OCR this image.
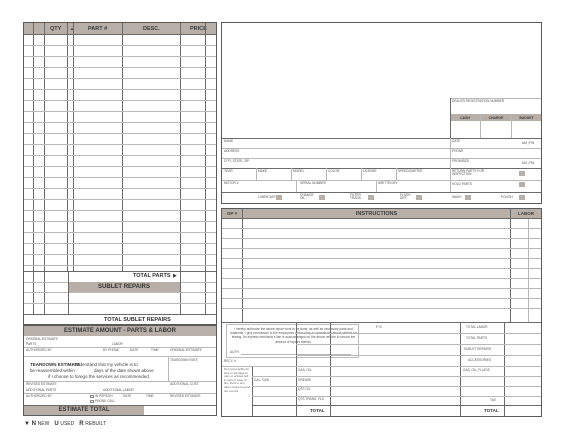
QTY ▲	PART #	DESC.	PRICE
TOTAL PARTS ▶
SUBLET REPAIRS
TOTAL SUBLET REPAIRS
ESTIMATE AMOUNT - PARTS & LABOR
ORIGINAL ESTIMATE
PARTS	LABOR
AUTHORIZED BY	BY PHONE	DATE	TIME	ORIGINAL ESTIMATE
TEARDOWN ESTIMATE
I understand that my vehicle is to
be reassembled within	days of the date shown above
if I choose to forego the services as recommended.
TEARDOWN RATE
REVISED ESTIMATE
ADDITIONAL PARTS	ADDITIONAL LABOR
ADDITIONAL COST
AUTHORIZED BY	IN PERSON
PHONE CALL
DATE	TIME	REVISED ESTIMATE
ESTIMATE TOTAL
▼ N NEW U USED R REBUILT
DEALER REGISTRATION NUMBER
CASH	CHARGE	BUDGET
NAME	DATE	AM | PM
ADDRESS	PHONE
CITY, STATE, ZIP	PROMISED	AM | PM
YEAR	MAKE	MODEL	COLOR	LICENSE	SPEEDOMETER	RETURN PARTS FOR INSPECTION
MOTOR #	SERIAL NUMBER	WRITTEN BY	HOLD PARTS
LUBRICATE	CHANGE OIL
FILTER TRANS.
FLUSH DIFF.	WASH	POLISH
OP #	INSTRUCTIONS	LABOR
I hereby authorize the above repair work to be done, as well as necessary parts and materials. I give permission to the employees of this shop to operate the above vehicle for testing. An express mechanic's lien is acknowledged on the above vehicle to secure the amount of repairs thereto.
AUTH.
RECY. #
F.S
Not responsible for loss or damage to cars or articles left in cars in case of fire, theft or any other cause beyond our control
GAS, OIL
GREASE
QTS OIL
GAL. GAS
QTS TRANS. FLD.
TOTAL
TOTAL LABOR
TOTAL PARTS
SUBLET REPAIRS
ACCESSORIES
GAS, OIL, FLUIDS
TAX
TOTAL
